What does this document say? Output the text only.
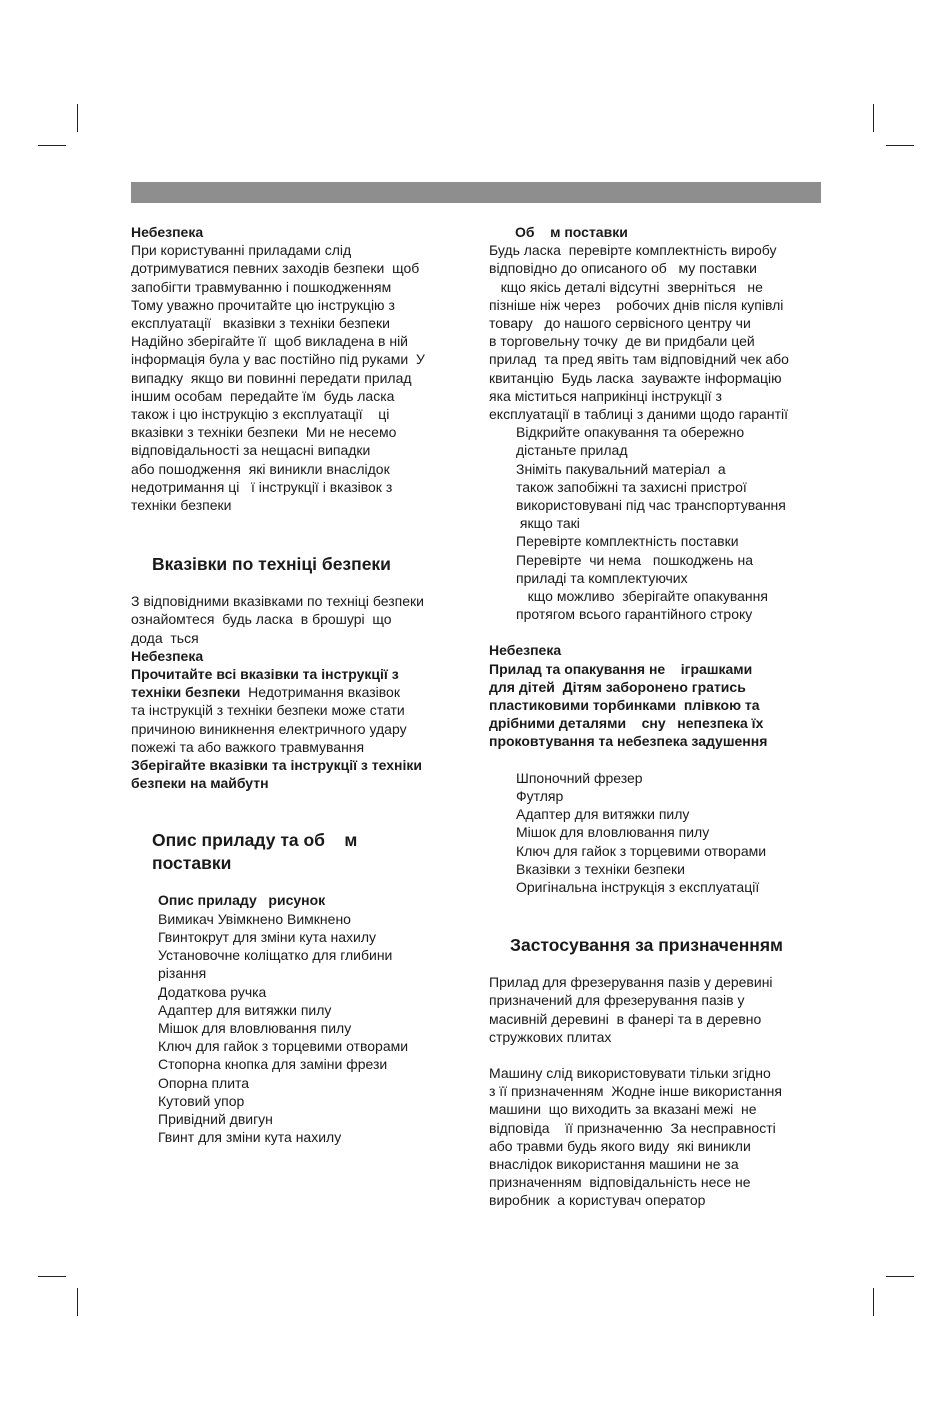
Небезпека
При користуванні приладами слід
дотримуватися певних заходів безпеки  щоб
запобігти травмуванню і пошкодженням
Тому уважно прочитайте цю інструкцію з
експлуатації   вказівки з техніки безпеки
Надійно зберігайте її  щоб викладена в ній
інформація була у вас постійно під руками  У
випадку  якщо ви повинні передати прилад
іншим особам  передайте їм  будь ласка
також і цю інструкцію з експлуатації    ці
вказівки з техніки безпеки  Ми не несемо
відповідальності за нещасні випадки
або пошодження  які виникли внаслідок
недотримання ці   ї інструкції і вказівок з
техніки безпеки
Вказівки по техніці безпеки
З відповідними вказівками по техніці безпеки
ознайомтеся  будь ласка  в брошурі  що
дода  ться
Небезпека
Прочитайте всі вказівки та інструкції з
техніки безпеки  Недотримання вказівок
та інструкцій з техніки безпеки може стати
причиною виникнення електричного удару
пожежі та або важкого травмування
Зберігайте вказівки та інструкції з техніки
безпеки на майбутн
Опис приладу та об    м
поставки
Опис приладу   рисунок
Вимикач Увімкнено Вимкнено
Гвинтокрут для зміни кута нахилу
Установочне коліщатко для глибини
різання
Додаткова ручка
Адаптер для витяжки пилу
Мішок для вловлювання пилу
Ключ для гайок з торцевими отворами
Стопорна кнопка для заміни фрези
Опорна плита
Кутовий упор
Привідний двигун
Гвинт для зміни кута нахилу
Об    м поставки
Будь ласка  перевірте комплектність виробу
відповідно до описаного об   му поставки
кщо якісь деталі відсутні  зверніться   не
пізніше ніж через    робочих днів після купівлі
товару   до нашого сервісного центру чи
в торговельну точку  де ви придбали цей
прилад  та пред явіть там відповідний чек або
квитанцію  Будь ласка  зауважте інформацію
яка міститься наприкінці інструкції з
експлуатації в таблиці з даними щодо гарантії
Відкрийте опакування та обережно
дістаньте прилад
Зніміть пакувальний матеріал  а
також запобіжні та захисні пристрої
використовувані під час транспортування
якщо такі
Перевірте комплектність поставки
Перевірте  чи нема   пошкоджень на
приладі та комплектуючих
кщо можливо  зберігайте опакування
протягом всього гарантійного строку
Небезпека
Прилад та опакування не    іграшками
для дітей  Дітям заборонено гратись
пластиковими торбинками  плівкою та
дрібними деталями    сну   непезпека їх
проковтування та небезпека задушення
Шпоночний фрезер
Футляр
Адаптер для витяжки пилу
Мішок для вловлювання пилу
Ключ для гайок з торцевими отворами
Вказівки з техніки безпеки
Оригінальна інструкція з експлуатації
Застосування за призначенням
Прилад для фрезерування пазів у деревині
призначений для фрезерування пазів у
масивній деревині  в фанері та в деревно
стружкових плитах
Машину слід використовувати тільки згідно
з її призначенням  Жодне інше використання
машини  що виходить за вказані межі  не
відповіда    її призначенню  За несправності
або травми будь якого виду  які виникли
внаслідок використання машини не за
призначенням  відповідальність несе не
виробник  а користувач оператор
